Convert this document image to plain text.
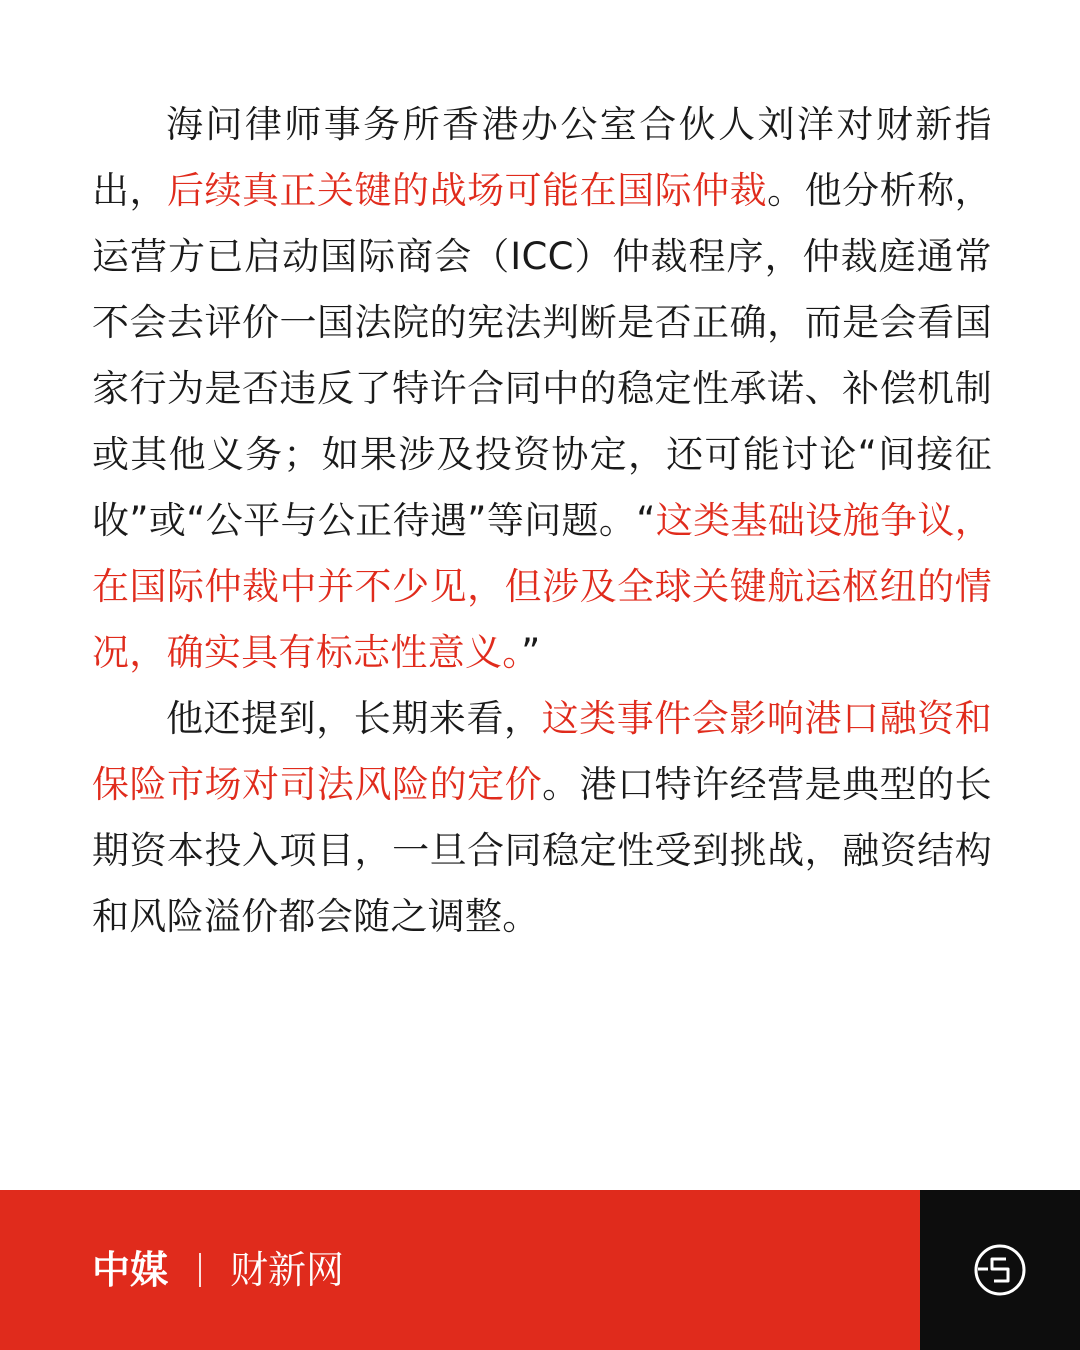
海问律师事务所香港办公室合伙人刘洋对财新指出，后续真正关键的战场可能在国际仲裁。他分析称，运营方已启动国际商会（ICC）仲裁程序，仲裁庭通常不会去评价一国法院的宪法判断是否正确，而是会看国家行为是否违反了特许合同中的稳定性承诺、补偿机制或其他义务；如果涉及投资协定，还可能讨论“间接征收”或“公平与公正待遇”等问题。“这类基础设施争议，在国际仲裁中并不少见，但涉及全球关键航运枢纽的情况，确实具有标志性意义。”

他还提到，长期来看，这类事件会影响港口融资和保险市场对司法风险的定价。港口特许经营是典型的长期资本投入项目，一旦合同稳定性受到挑战，融资结构和风险溢价都会随之调整。

中媒 财新网
